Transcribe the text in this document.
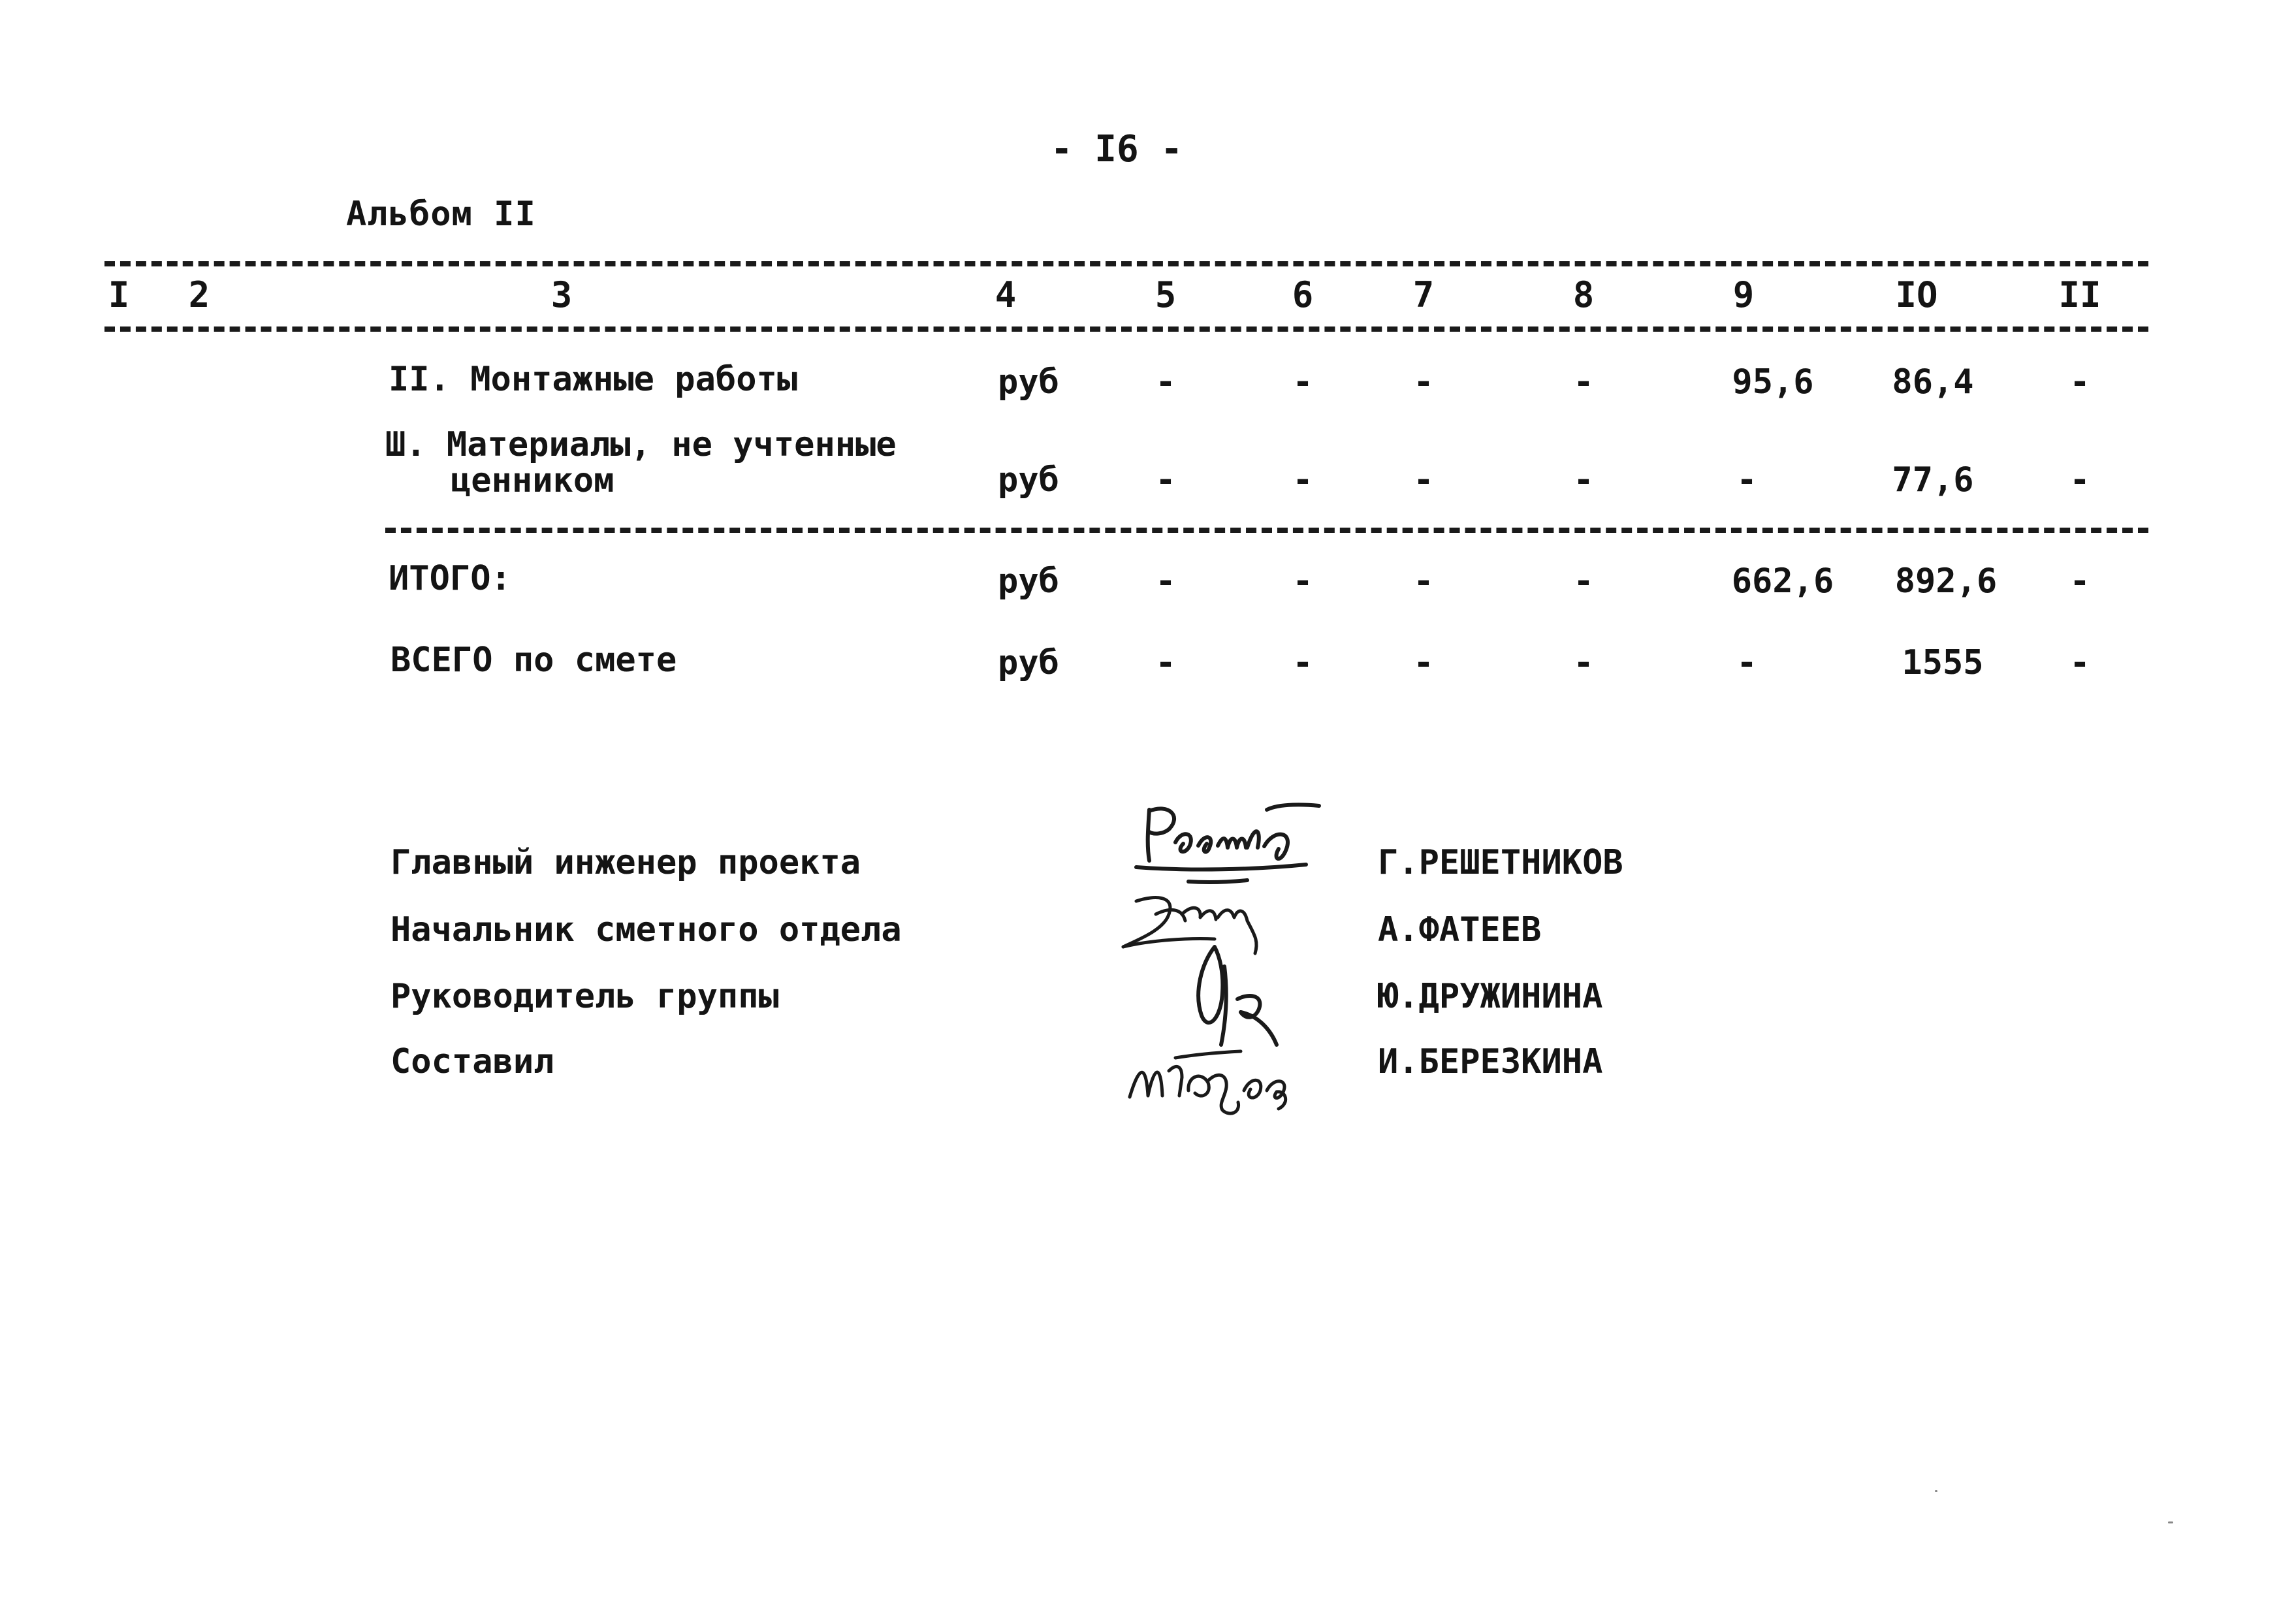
- I6 -
Альбом II
I 2	3	4	5	6	7	8	9	IO	II
II. Монтажные работы	руб	-	-	-	-	95,6 86,4	-
Ш. Материалы, не учтенные
ценником	руб	-	-	-	-	-	77,6	-
ИТОГО:	руб	-	-	-	-	662,6 892,6 -
ВСЕГО по смете	руб	-	-	-	-	-	1555	-
Главный инженер проекта
Начальник сметного отдела
Руководитель группы
Составил
Г.РЕШЕТНИКОВ
А.ФАТЕЕВ
Ю.ДРУЖИНИНА
И.БЕРЕЗКИНА
